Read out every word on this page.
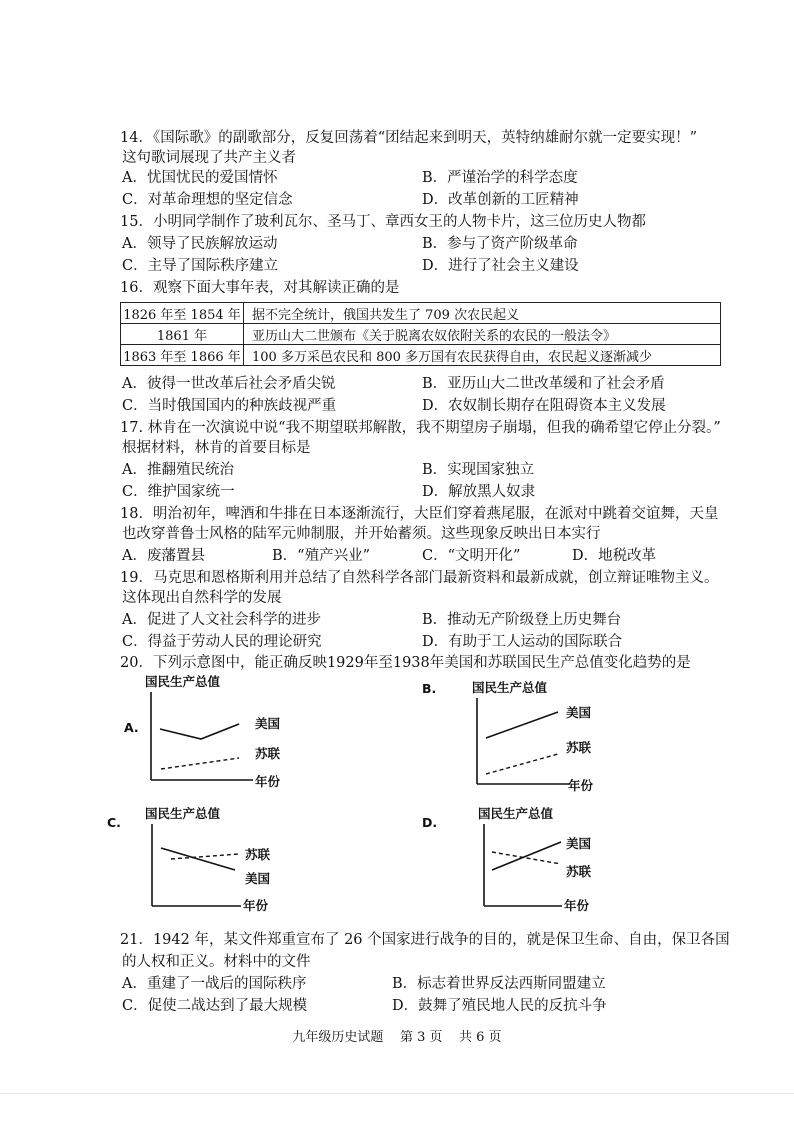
14．《国际歌》的副歌部分，反复回荡着“团结起来到明天，英特纳雄耐尔就一定要实现！”
这句歌词展现了共产主义者
A．忧国忧民的爱国情怀	B．严谨治学的科学态度
C．对革命理想的坚定信念	D．改革创新的工匠精神
15．小明同学制作了玻利瓦尔、圣马丁、章西女王的人物卡片，这三位历史人物都
A．领导了民族解放运动	B．参与了资产阶级革命
C．主导了国际秩序建立	D．进行了社会主义建设
16．观察下面大事年表，对其解读正确的是
1826 年至 1854 年	据不完全统计，俄国共发生了 709 次农民起义
1861 年	亚历山大二世颁布《关于脱离农奴依附关系的农民的一般法令》
1863 年至 1866 年	100 多万采邑农民和 800 多万国有农民获得自由，农民起义逐渐减少
A．彼得一世改革后社会矛盾尖锐	B．亚历山大二世改革缓和了社会矛盾
C．当时俄国国内的种族歧视严重	D．农奴制长期存在阻碍资本主义发展
17. 林肯在一次演说中说“我不期望联邦解散，我不期望房子崩塌，但我的确希望它停止分裂。”
根据材料，林肯的首要目标是
A．推翻殖民统治	B．实现国家独立
C．维护国家统一	D．解放黑人奴隶
18．明治初年，啤酒和牛排在日本逐渐流行，大臣们穿着燕尾服，在派对中跳着交谊舞，天皇
也改穿普鲁士风格的陆军元帅制服，并开始蓄须。这些现象反映出日本实行
A．废藩置县	B．“殖产兴业”	C．“文明开化”	D．地税改革
19．马克思和恩格斯利用并总结了自然科学各部门最新资料和最新成就，创立辩证唯物主义。
这体现出自然科学的发展
A．促进了人文社会科学的进步	B．推动无产阶级登上历史舞台
C．得益于劳动人民的理论研究	D．有助于工人运动的国际联合
20．下列示意图中，能正确反映1929年至1938年美国和苏联国民生产总值变化趋势的是
A.
国民生产总值
年份
美国
苏联
B.	国民生产总值
年份
美国
苏联
C.
国民生产总值
年份
苏联
美国
D.
国民生产总值
年份
美国
苏联
21．1942 年，某文件郑重宣布了 26 个国家进行战争的目的，就是保卫生命、自由，保卫各国
的人权和正义。材料中的文件
A．重建了一战后的国际秩序	B．标志着世界反法西斯同盟建立
C．促使二战达到了最大规模	D．鼓舞了殖民地人民的反抗斗争
九年级历史试题    第 3 页    共 6 页
